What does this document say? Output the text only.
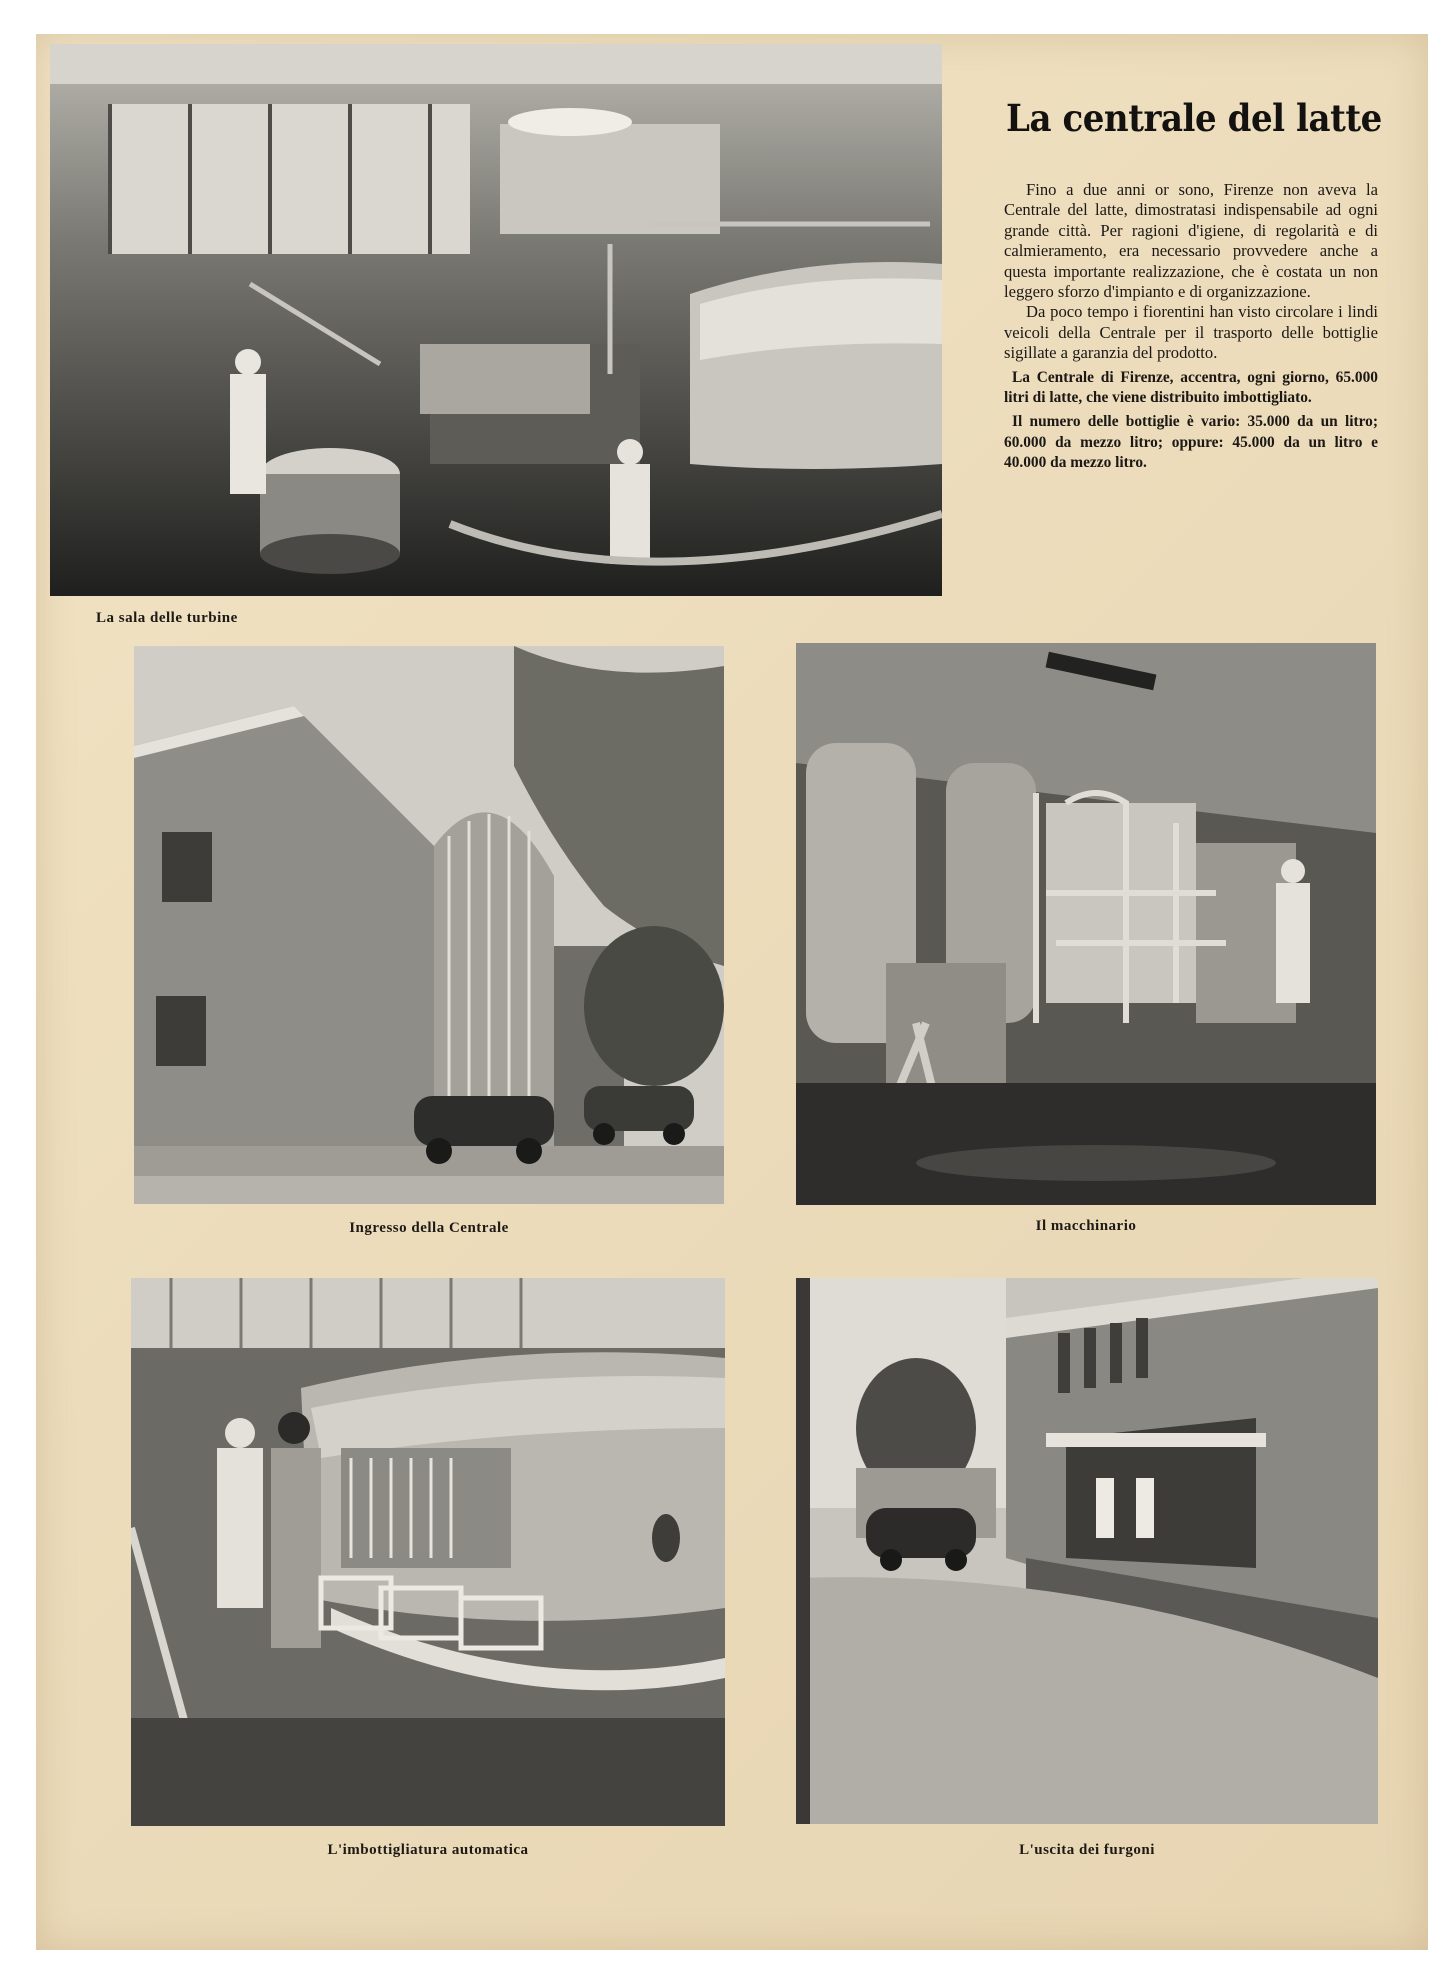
La sala delle turbine

La centrale del latte

Fino a due anni or sono, Firenze non aveva la Centrale del latte, dimostratasi indispensabile ad ogni grande città. Per ragioni d'igiene, di regolarità e di calmieramento, era necessario provvedere anche a questa importante realizzazione, che è costata un non leggero sforzo d'impianto e di organizzazione.

Da poco tempo i fiorentini han visto circolare i lindi veicoli della Centrale per il trasporto delle bottiglie sigillate a garanzia del prodotto.

La Centrale di Firenze, accentra, ogni giorno, 65.000 litri di latte, che viene distribuito imbottigliato.

Il numero delle bottiglie è vario: 35.000 da un litro; 60.000 da mezzo litro; oppure: 45.000 da un litro e 40.000 da mezzo litro.

Ingresso della Centrale	Il macchinario

L'imbottigliatura automatica	L'uscita dei furgoni
